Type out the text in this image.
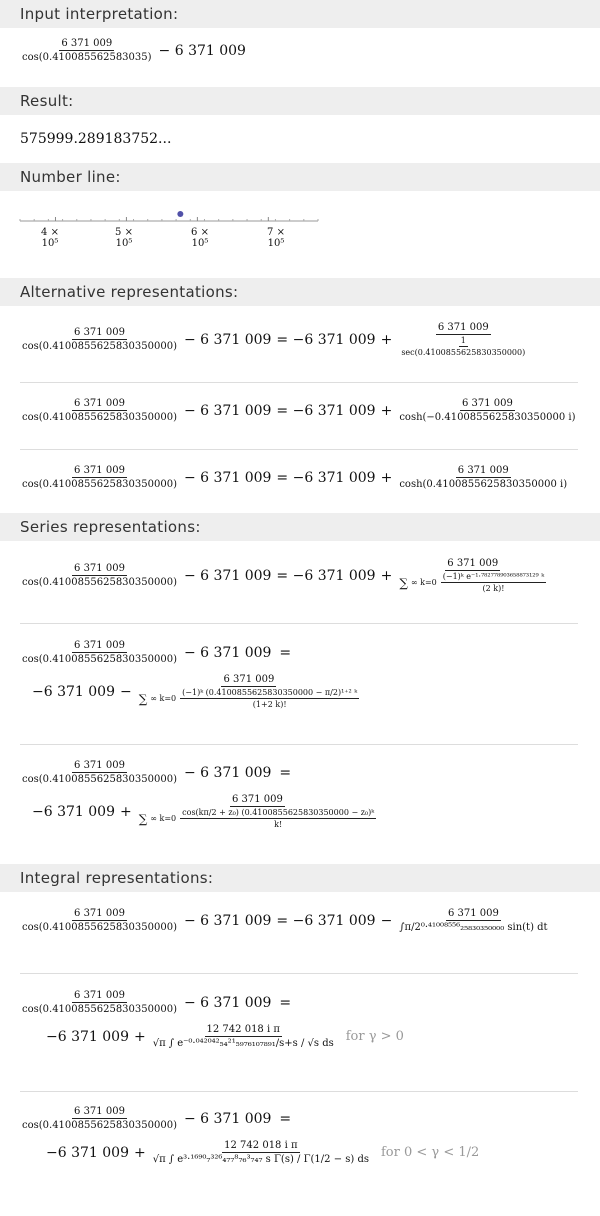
Input interpretation:
$\frac{6 371 009}{\cos(0.410085562583035)} - 6$ 371 009
Result:
575999.289183752...
Number line:
4 × 10⁵
5 × 10⁵
6 × 10⁵
7 × 10⁵
Alternative representations:
$\frac{6 371 009}{\cos(0.4100855625830350000)} - 6$ 371 009 = −6 371 $009 + \frac{6 371 009}{\frac{1}{\sec(0.4100855625830350000)}}$
$\frac{6 371 009}{\cos(0.4100855625830350000)} - 6$ 371 009 = −6 371 $009 + \frac{6 371 009}{\cosh(-0.4100855625830350000 i)}$
$\frac{6 371 009}{\cos(0.4100855625830350000)} - 6$ 371 009 = −6 371 $009 + \frac{6 371 009}{\cosh(0.4100855625830350000 i)}$
Series representations:
$\frac{6 371 009}{\cos(0.4100855625830350000)} - 6$ 371 009 = −6 371 009 +
6 371 009
∑ ∞ $k=0 \frac{\text{(−1)ᵏ e⁻¹·⁷⁸²⁷⁷⁸⁹⁰³⁶⁵⁸⁸⁷³¹²⁹ ᵏ}}{(2 k)!}$
$\frac{6 371 009}{\cos(0.4100855625830350000)} - 6$ 371 009 =
−6 371 009 −
6 371 009
∑ ∞ $k=0 \frac{\text{(−1)ᵏ (0.4100855625830350000 − π/2)¹⁺² ᵏ}}{(1+2 k)!}$
$\frac{6 371 009}{\cos(0.4100855625830350000)} - 6$ 371 009 =
−6 371 009 +
6 371 009
∑ ∞ $k=0 \frac{\text{cos(kπ/2 + z₀) (0.4100855625830350000 − z₀)ᵏ}}{k!}$
Integral representations:
$\frac{6 371 009}{\cos(0.4100855625830350000)} - 6$ 371 009 = −6 371 $009 - \frac{6 371 009}{\text{∫π/2⁰·⁴¹⁰⁰⁸⁵⁵⁶₂₅₈₃₀₃₅₀₀₀₀ sin(t) dt}}$
$\frac{6 371 009}{\cos(0.4100855625830350000)} - 6$ 371 009 =
−6 371 $009 + \frac{\text{12 742 018 i π}}{\text{√π ∫ e⁻⁰·⁰⁴²⁰⁴²₅₄²¹₅₉₇₆₁₀₇₈₉₁/s+s / √s ds}}$ for γ > 0
$\frac{6 371 009}{\cos(0.4100855625830350000)} - 6$ 371 009 =
−6 371 $009 + \frac{\text{12 742 018 i π}}{\text{√π ∫ e³·¹⁶⁹⁰₇³²⁶₄₇₇⁸₇₆³₇₄₇ s Γ(s) / Γ(1/2 − s) ds}}$ for 0 < γ < 1/2
